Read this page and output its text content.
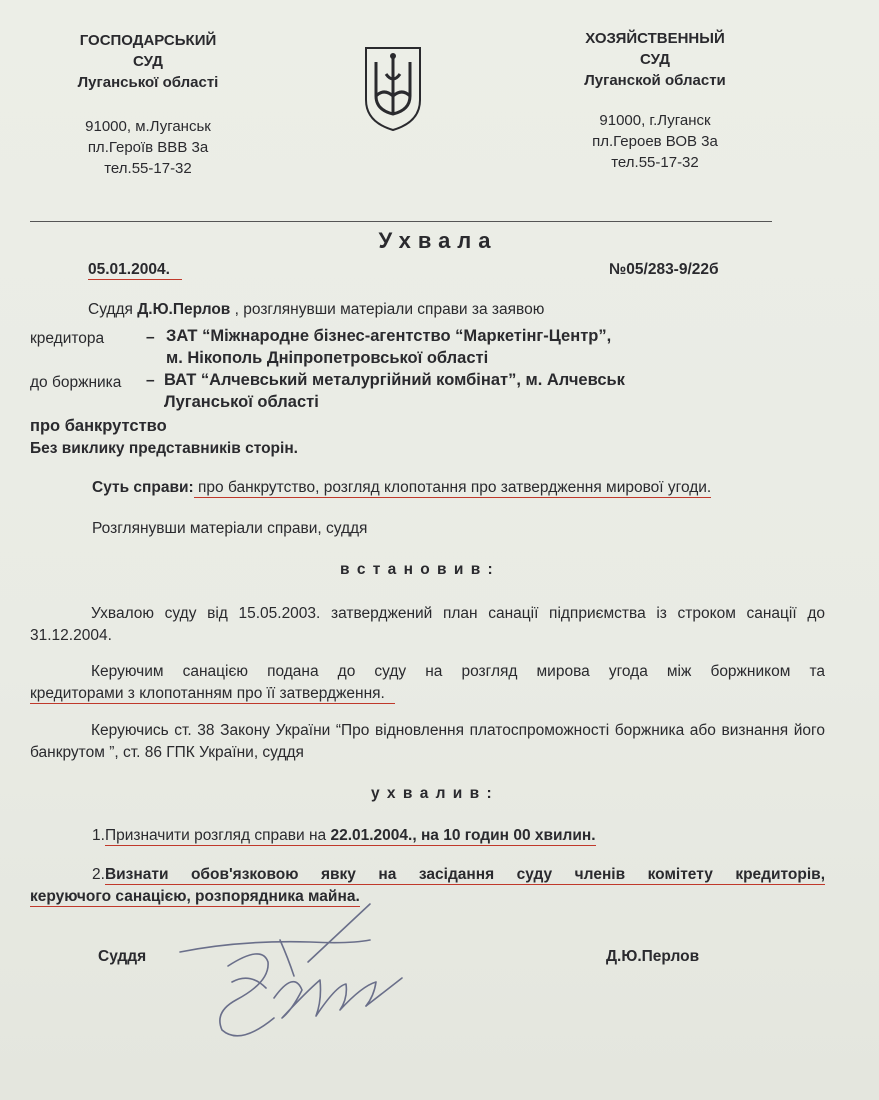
ГОСПОДАРСЬКИЙ
СУД
Луганської області
91000, м.Луганськ
пл.Героїв ВВВ 3а
тел.55-17-32
ХОЗЯЙСТВЕННЫЙ
СУД
Луганской области
91000, г.Луганск
пл.Героев ВОВ 3а
тел.55-17-32
Ухвала
05.01.2004.	№05/283-9/22б
Суддя Д.Ю.Перлов , розглянувши матеріали справи за заявою
кредитора	– ЗАТ “Міжнародне бізнес-агентство “Маркетінг-Центр”,
м. Нікополь Дніпропетровської області
до боржника – ВАТ “Алчевський металургійний комбінат”, м. Алчевськ
Луганської області
про банкрутство
Без виклику представників сторін.
Суть справи: про банкрутство, розгляд клопотання про затвердження мирової угоди.
Розглянувши матеріали справи, суддя
в с т а н о в и в :
Ухвалою суду від 15.05.2003. затверджений план санації підприємства із строком санації до 31.12.2004.
Керуючим санацією подана до суду на розгляд мирова угода між боржником та
кредиторами з клопотанням про її затвердження.
Керуючись ст. 38 Закону України “Про відновлення платоспроможності боржника або визнання його банкрутом ”, ст. 86 ГПК України, суддя
у х в а л и в :
1.Призначити розгляд справи на 22.01.2004., на 10 годин 00 хвилин.
2.Визнати обов'язковою явку на засідання суду членів комітету кредиторів,
керуючого санацією, розпорядника майна.
Суддя	Д.Ю.Перлов
